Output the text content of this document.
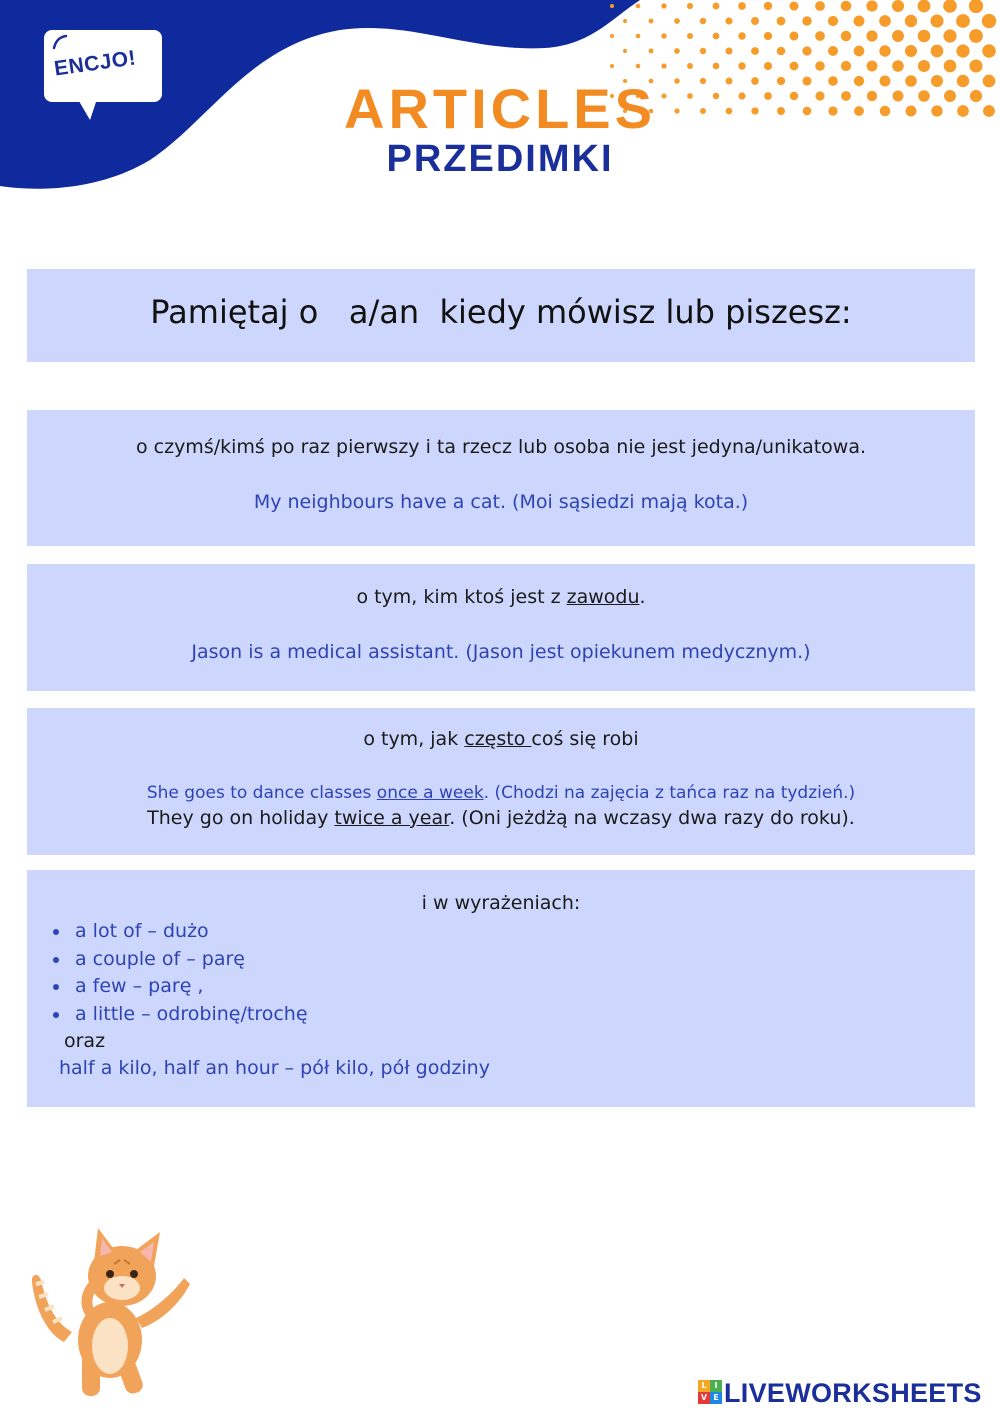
ENCJO!
ARTICLES
PRZEDIMKI
Pamiętaj o   a/an  kiedy mówisz lub piszesz:
o czymś/kimś po raz pierwszy i ta rzecz lub osoba nie jest jedyna/unikatowa.
My neighbours have a cat. (Moi sąsiedzi mają kota.)
o tym, kim ktoś jest z zawodu.
Jason is a medical assistant. (Jason jest opiekunem medycznym.)
o tym, jak często coś się robi
She goes to dance classes once a week. (Chodzi na zajęcia z tańca raz na tydzień.)
They go on holiday twice a year. (Oni jeżdżą na wczasy dwa razy do roku).
i w wyrażeniach:
a lot of – dużo
a couple of – parę
a few – parę ,
a little – odrobinę/trochę
oraz
half a kilo, half an hour – pół kilo, pół godziny
L I
V E LIVEWORKSHEETS
